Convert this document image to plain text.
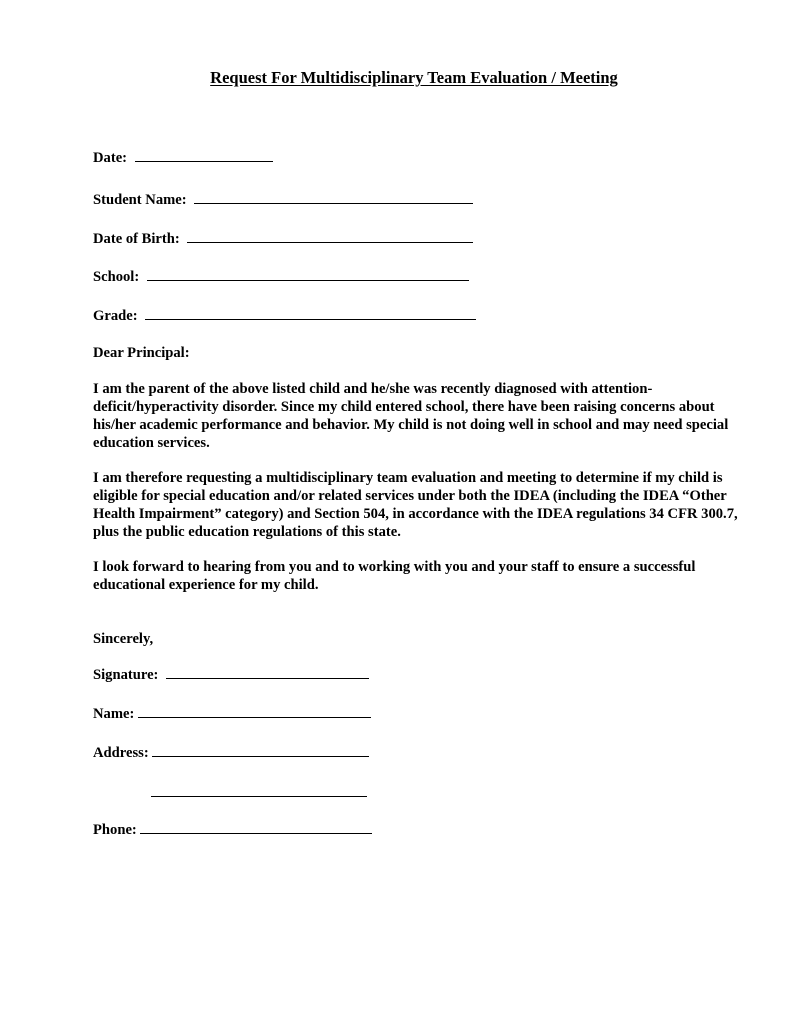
Request For Multidisciplinary Team Evaluation / Meeting
Date:
Student Name:
Date of Birth:
School:
Grade:
Dear Principal:

I am the parent of the above listed child and he/she was recently diagnosed with attention-deficit/hyperactivity disorder. Since my child entered school, there have been raising concerns about his/her academic performance and behavior. My child is not doing well in school and may need special education services.

I am therefore requesting a multidisciplinary team evaluation and meeting to determine if my child is eligible for special education and/or related services under both the IDEA (including the IDEA “Other Health Impairment” category) and Section 504, in accordance with the IDEA regulations 34 CFR 300.7, plus the public education regulations of this state.

I look forward to hearing from you and to working with you and your staff to ensure a successful educational experience for my child.

Sincerely,
Signature:
Name:
Address:
Phone:
